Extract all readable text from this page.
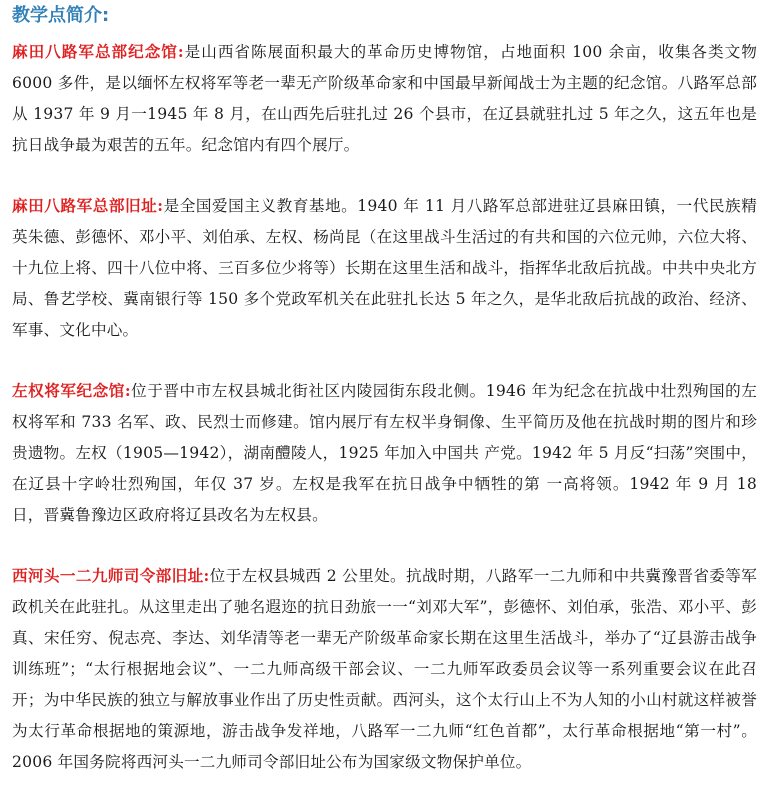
教学点简介:

麻田八路军总部纪念馆:是山西省陈展面积最大的革命历史博物馆，占地面积 100 余亩，收集各类文物 6000 多件，是以缅怀左权将军等老一辈无产阶级革命家和中国最早新闻战士为主题的纪念馆。八路军总部从 1937 年 9 月一1945 年 8 月，在山西先后驻扎过 26 个县市，在辽县就驻扎过 5 年之久，这五年也是抗日战争最为艰苦的五年。纪念馆内有四个展厅。

麻田八路军总部旧址:是全国爱国主义教育基地。1940 年 11 月八路军总部进驻辽县麻田镇，一代民族精英朱德、彭德怀、邓小平、刘伯承、左权、杨尚昆（在这里战斗生活过的有共和国的六位元帅，六位大将、十九位上将、四十八位中将、三百多位少将等）长期在这里生活和战斗，指挥华北敌后抗战。中共中央北方局、鲁艺学校、冀南银行等 150 多个党政军机关在此驻扎长达 5 年之久，是华北敌后抗战的政治、经济、军事、文化中心。

左权将军纪念馆:位于晋中市左权县城北街社区内陵园街东段北侧。1946 年为纪念在抗战中壮烈殉国的左权将军和 733 名军、政、民烈士而修建。馆内展厅有左权半身铜像、生平简历及他在抗战时期的图片和珍贵遗物。左权（1905—1942），湖南醴陵人，1925 年加入中国共 产党。1942 年 5 月反“扫荡”突围中，在辽县十字岭壮烈殉国，年仅 37 岁。左权是我军在抗日战争中牺牲的第 一高将领。1942 年 9 月 18 日，晋冀鲁豫边区政府将辽县改名为左权县。

西河头一二九师司令部旧址:位于左权县城西 2 公里处。抗战时期，八路军一二九师和中共冀豫晋省委等军政机关在此驻扎。从这里走出了驰名遐迩的抗日劲旅一一“刘邓大军”，彭德怀、刘伯承，张浩、邓小平、彭真、宋任穷、倪志亮、李达、刘华清等老一辈无产阶级革命家长期在这里生活战斗，举办了“辽县游击战争训练班”；“太行根据地会议”、一二九师高级干部会议、一二九师军政委员会议等一系列重要会议在此召开；为中华民族的独立与解放事业作出了历史性贡献。西河头，这个太行山上不为人知的小山村就这样被誉为太行革命根据地的策源地，游击战争发祥地，八路军一二九师“红色首都”，太行革命根据地“第一村”。2006 年国务院将西河头一二九师司令部旧址公布为国家级文物保护单位。
